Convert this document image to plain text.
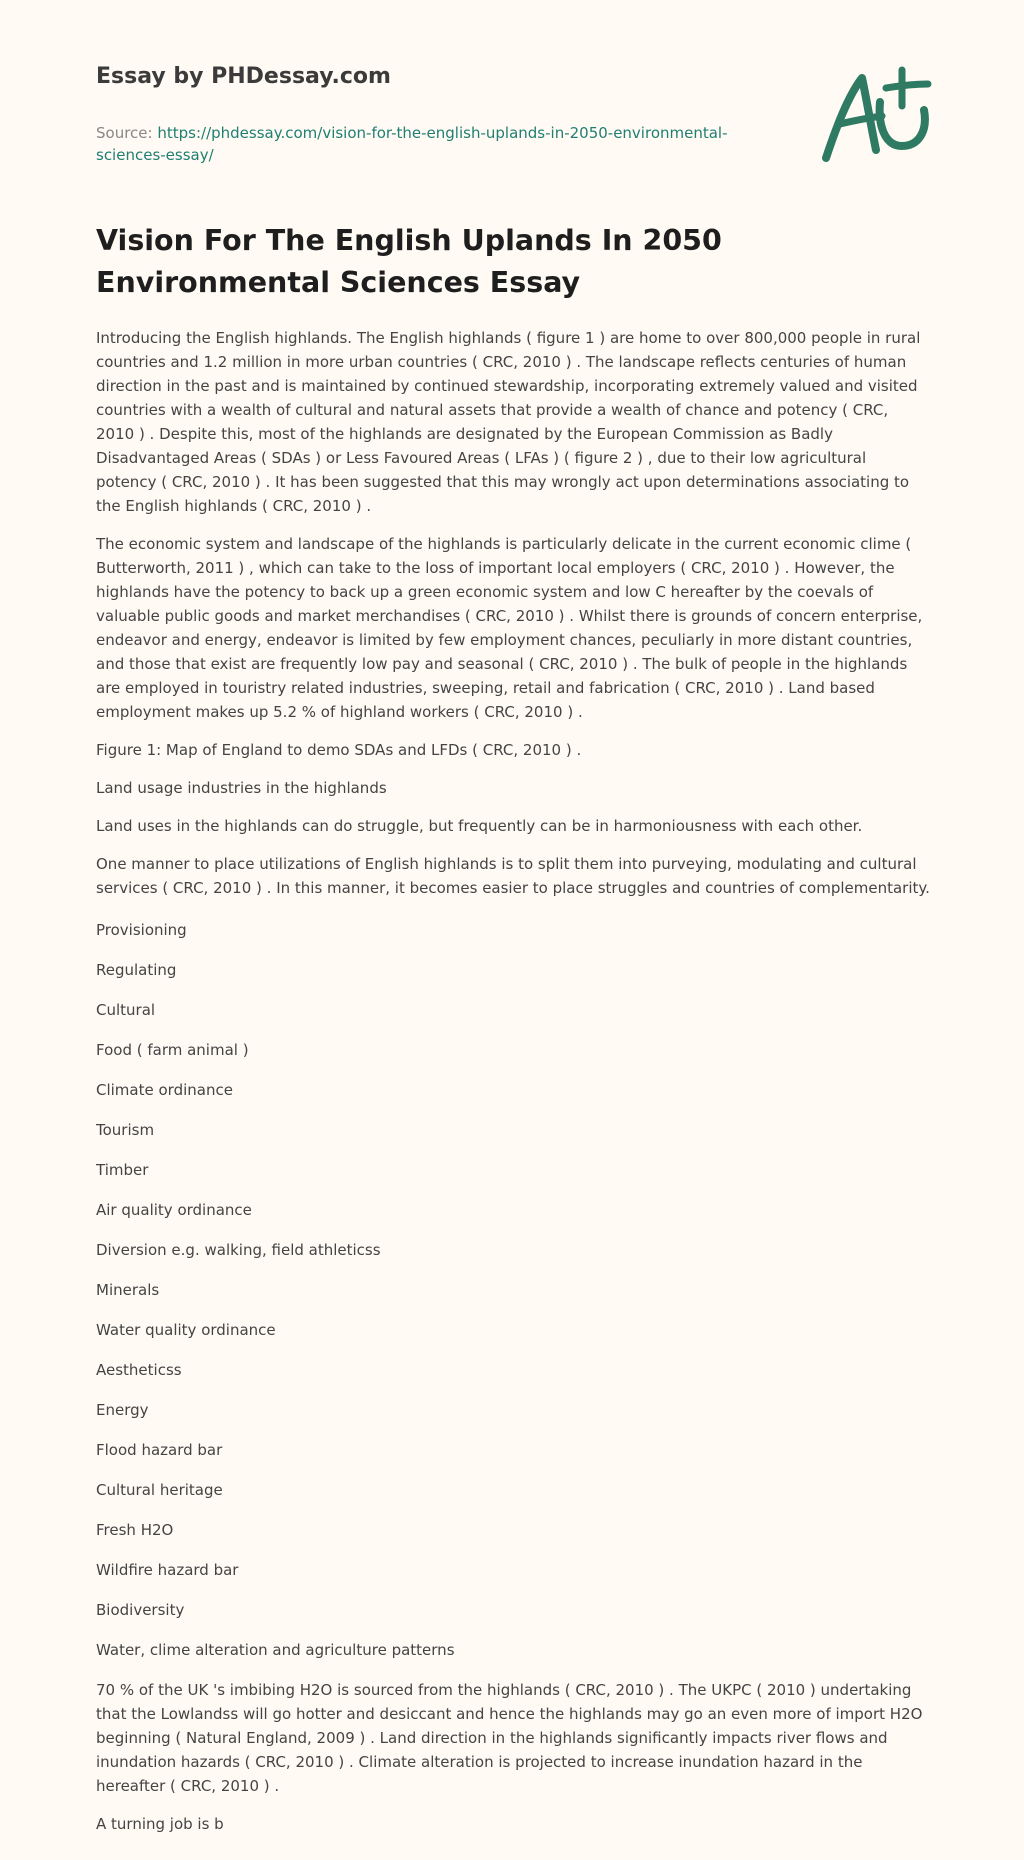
Essay by PHDessay.com

Source: https://phdessay.com/vision-for-the-english-uplands-in-2050-environmental-sciences-essay/

Vision For The English Uplands In 2050 Environmental Sciences Essay

Introducing the English highlands. The English highlands ( figure 1 ) are home to over 800,000 people in rural countries and 1.2 million in more urban countries ( CRC, 2010 ) . The landscape reflects centuries of human direction in the past and is maintained by continued stewardship, incorporating extremely valued and visited countries with a wealth of cultural and natural assets that provide a wealth of chance and potency ( CRC, 2010 ) . Despite this, most of the highlands are designated by the European Commission as Badly Disadvantaged Areas ( SDAs ) or Less Favoured Areas ( LFAs ) ( figure 2 ) , due to their low agricultural potency ( CRC, 2010 ) . It has been suggested that this may wrongly act upon determinations associating to the English highlands ( CRC, 2010 ) .

The economic system and landscape of the highlands is particularly delicate in the current economic clime ( Butterworth, 2011 ) , which can take to the loss of important local employers ( CRC, 2010 ) . However, the highlands have the potency to back up a green economic system and low C hereafter by the coevals of valuable public goods and market merchandises ( CRC, 2010 ) . Whilst there is grounds of concern enterprise, endeavor and energy, endeavor is limited by few employment chances, peculiarly in more distant countries, and those that exist are frequently low pay and seasonal ( CRC, 2010 ) . The bulk of people in the highlands are employed in touristry related industries, sweeping, retail and fabrication ( CRC, 2010 ) . Land based employment makes up 5.2 % of highland workers ( CRC, 2010 ) .

Figure 1: Map of England to demo SDAs and LFDs ( CRC, 2010 ) .

Land usage industries in the highlands

Land uses in the highlands can do struggle, but frequently can be in harmoniousness with each other.

One manner to place utilizations of English highlands is to split them into purveying, modulating and cultural services ( CRC, 2010 ) . In this manner, it becomes easier to place struggles and countries of complementarity.

Provisioning

Regulating

Cultural

Food ( farm animal )

Climate ordinance

Tourism

Timber

Air quality ordinance

Diversion e.g. walking, field athleticss

Minerals

Water quality ordinance

Aestheticss

Energy

Flood hazard bar

Cultural heritage

Fresh H2O

Wildfire hazard bar

Biodiversity

Water, clime alteration and agriculture patterns

70 % of the UK 's imbibing H2O is sourced from the highlands ( CRC, 2010 ) . The UKPC ( 2010 ) undertaking that the Lowlandss will go hotter and desiccant and hence the highlands may go an even more of import H2O beginning ( Natural England, 2009 ) . Land direction in the highlands significantly impacts river flows and inundation hazards ( CRC, 2010 ) . Climate alteration is projected to increase inundation hazard in the hereafter ( CRC, 2010 ) .

A turning job is b
